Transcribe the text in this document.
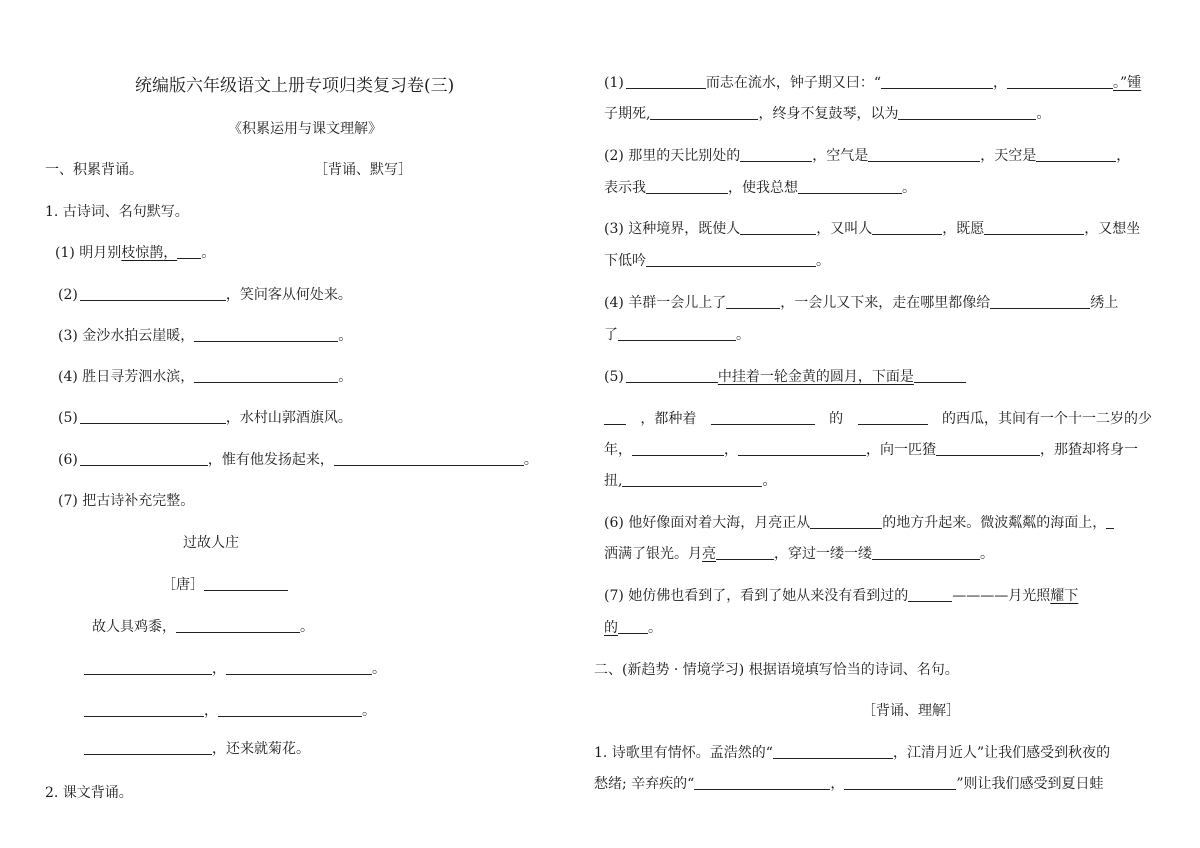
统编版六年级语文上册专项归类复习卷(三)
《积累运用与课文理解》
一、积累背诵。	［背诵、默写］
1. 古诗词、名句默写。
(1) 明月别枝惊鹊， 。
(2)	，笑问客从何处来。
(3) 金沙水拍云崖暖，	。
(4) 胜日寻芳泗水滨，	。
(5)	，水村山郭酒旗风。
(6)	，惟有他发扬起来，	。
(7) 把古诗补充完整。
过故人庄
［唐］
故人具鸡黍，	。
，	。
，	。
，还来就菊花。
2. 课文背诵。
(1)	而志在流水，钟子期又曰：“	，	。”锺
子期死,	，终身不复鼓琴，以为	。
(2) 那里的天比别处的	，空气是	，天空是	，
表示我	，使我总想	。
(3) 这种境界，既使人	，又叫人	，既愿	，又想坐
下低吟	。
(4) 羊群一会儿上了	，一会儿又下来，走在哪里都像给	绣上
了	。
(5)	中挂着一轮金黄的圆月，下面是
，都种着	的	的西瓜，其间有一个十一二岁的少
年，	，	，向一匹猹	，那猹却将身一
扭,	。
(6) 他好像面对着大海，月亮正从	的地方升起来。微波粼粼的海面上，
洒满了银光。月亮	，穿过一缕一缕	。
(7) 她仿佛也看到了，看到了她从来没有看到过的	————月光照耀下
的 。
二、(新趋势 · 情境学习) 根据语境填写恰当的诗词、名句。
［背诵、理解］
1. 诗歌里有情怀。孟浩然的“	，江清月近人”让我们感受到秋夜的
愁绪; 辛弃疾的“	，	”则让我们感受到夏日蛙
